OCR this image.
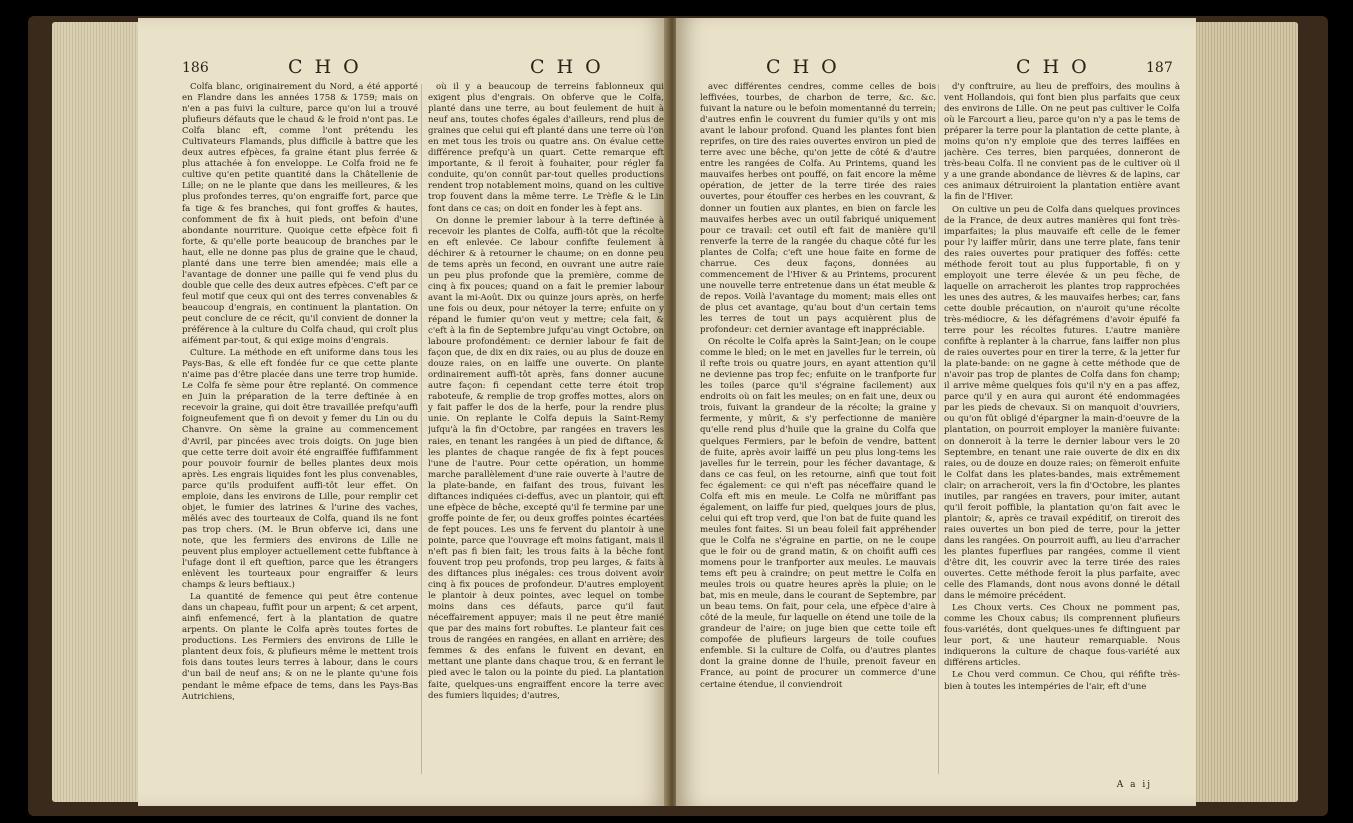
186	C H O	C H O

Colfa blanc, originairement du Nord, a été apporté en Flandre dans les années 1758 & 1759; mais on n'en a pas fuivi la culture, parce qu'on lui a trouvé plufieurs défauts que le chaud & le froid n'ont pas. Le Colfa blanc eft, comme l'ont prétendu les Cultivateurs Flamands, plus difficile à battre que les deux autres efpèces, fa graine étant plus ferrée & plus attachée à fon enveloppe. Le Colfa froid ne fe cultive qu'en petite quantité dans la Châtellenie de Lille; on ne le plante que dans les meilleures, & les plus profondes terres, qu'on engraiffe fort, parce que fa tige & fes branches, qui font groffes & hautes, confomment de fix à huit pieds, ont befoin d'une abondante nourriture. Quoique cette efpèce foit fi forte, & qu'elle porte beaucoup de branches par le haut, elle ne donne pas plus de graine que le chaud, planté dans une terre bien amendée; mais elle a l'avantage de donner une paille qui fe vend plus du double que celle des deux autres efpèces. C'eft par ce feul motif que ceux qui ont des terres convenables & beaucoup d'engrais, en continuent la plantation. On peut conclure de ce récit, qu'il convient de donner la préférence à la culture du Colfa chaud, qui croît plus aifément par-tout, & qui exige moins d'engrais.

Culture. La méthode en eft uniforme dans tous les Pays-Bas, & elle eft fondée fur ce que cette plante n'aime pas d'être placée dans une terre trop humide. Le Colfa fe sème pour être replanté. On commence en Juin la préparation de la terre deftinée à en recevoir la graine, qui doit être travaillée prefqu'auffi foigneufement que fi on devoit y femer du Lin ou du Chanvre. On sème la graine au commencement d'Avril, par pincées avec trois doigts. On juge bien que cette terre doit avoir été engraiffée fuffifamment pour pouvoir fournir de belles plantes deux mois après. Les engrais liquides font les plus convenables, parce qu'ils produifent auffi-tôt leur effet. On emploie, dans les environs de Lille, pour remplir cet objet, le fumier des latrines & l'urine des vaches, mêlés avec des tourteaux de Colfa, quand ils ne font pas trop chers. (M. le Brun obferve ici, dans une note, que les fermiers des environs de Lille ne peuvent plus employer actuellement cette fubftance à l'ufage dont il eft queftion, parce que les étrangers enlèvent les tourteaux pour engraiffer & leurs champs & leurs beftiaux.)

La quantité de femence qui peut être contenue dans un chapeau, fuffit pour un arpent; & cet arpent, ainfi enfemencé, fert à la plantation de quatre arpents. On plante le Colfa après toutes fortes de productions. Les Fermiers des environs de Lille le plantent deux fois, & plufieurs même le mettent trois fois dans toutes leurs terres à labour, dans le cours d'un bail de neuf ans; & on ne le plante qu'une fois pendant le même efpace de tems, dans les Pays-Bas Autrichiens,

où il y a beaucoup de terreins fablonneux qui exigent plus d'engrais. On obferve que le Colfa, planté dans une terre, au bout feulement de huit à neuf ans, toutes chofes égales d'ailleurs, rend plus de graines que celui qui eft planté dans une terre où l'on en met tous les trois ou quatre ans. On évalue cette différence prefqu'à un quart. Cette remarque eft importante, & il feroit à fouhaiter, pour régler fa conduite, qu'on connût par-tout quelles productions rendent trop notablement moins, quand on les cultive trop fouvent dans la même terre. Le Trèfle & le Lin font dans ce cas; on doit en fonder les à fept ans.

On donne le premier labour à la terre deftinée à recevoir les plantes de Colfa, auffi-tôt que la récolte en eft enlevée. Ce labour confifte feulement à déchirer & à retourner le chaume; on en donne peu de tems après un fecond, en ouvrant une autre raie un peu plus profonde que la première, comme de cinq à fix pouces; quand on a fait le premier labour avant la mi-Août. Dix ou quinze jours après, on herfe une fois ou deux, pour nétoyer la terre; enfuite on y répand le fumier qu'on veut y mettre; cela fait, & c'eft à la fin de Septembre jufqu'au vingt Octobre, on laboure profondément: ce dernier labour fe fait de façon que, de dix en dix raies, ou au plus de douze en douze raies, on en laiffe une ouverte. On plante ordinairement auffi-tôt après, fans donner aucune autre façon: fi cependant cette terre étoit trop raboteufe, & remplie de trop groffes mottes, alors on y fait paffer le dos de la herfe, pour la rendre plus unie. On replante le Colfa depuis la Saint-Remy jufqu'à la fin d'Octobre, par rangées en travers les raies, en tenant les rangées à un pied de diftance, & les plantes de chaque rangée de fix à fept pouces l'une de l'autre. Pour cette opération, un homme marche parallèlement d'une raie ouverte à l'autre de la plate-bande, en faifant des trous, fuivant les diftances indiquées ci-deffus, avec un plantoir, qui eft une efpèce de bêche, excepté qu'il fe termine par une groffe pointe de fer, ou deux groffes pointes écartées de fept pouces. Les uns fe fervent du plantoir à une pointe, parce que l'ouvrage eft moins fatigant, mais il n'eft pas fi bien fait; les trous faits à la bêche font fouvent trop peu profonds, trop peu larges, & faits à des diftances plus inégales: ces trous doivent avoir cinq à fix pouces de profondeur. D'autres employent le plantoir à deux pointes, avec lequel on tombe moins dans ces défauts, parce qu'il faut néceffairement appuyer; mais il ne peut être manié que par des mains fort robuftes. Le planteur fait ces trous de rangées en rangées, en allant en arrière; des femmes & des enfans le fuivent en devant, en mettant une plante dans chaque trou, & en ferrant le pied avec le talon ou la pointe du pied. La plantation faite, quelques-uns engraiffent encore la terre avec des fumiers liquides; d'autres,

C H O	C H O	187

avec différentes cendres, comme celles de bois leffivées, tourbes, de charbon de terre, &c. &c. fuivant la nature ou le befoin momentanné du terrein; d'autres enfin le couvrent du fumier qu'ils y ont mis avant le labour profond. Quand les plantes font bien reprifes, on tire des raies ouvertes environ un pied de terre avec une bêche, qu'on jette de côté & d'autre entre les rangées de Colfa. Au Printems, quand les mauvaifes herbes ont pouffé, on fait encore la même opération, de jetter de la terre tirée des raies ouvertes, pour étouffer ces herbes en les couvrant, & donner un foutien aux plantes, en bien on farcle les mauvaifes herbes avec un outil fabriqué uniquement pour ce travail: cet outil eft fait de manière qu'il renverfe la terre de la rangée du chaque côté fur les plantes de Colfa; c'eft une houe faite en forme de charrue. Ces deux façons, données au commencement de l'Hiver & au Printems, procurent une nouvelle terre entretenue dans un état meuble & de repos. Voilà l'avantage du moment; mais elles ont de plus cet avantage, qu'au bout d'un certain tems les terres de tout un pays acquièrent plus de profondeur: cet dernier avantage eft inappréciable.

On récolte le Colfa après la Saint-Jean; on le coupe comme le bled; on le met en javelles fur le terrein, où il refte trois ou quatre jours, en ayant attention qu'il ne devienne pas trop fec; enfuite on le tranfporte fur les toiles (parce qu'il s'égraine facilement) aux endroits où on fait les meules; on en fait une, deux ou trois, fuivant la grandeur de la récolte; la graine y fermente, y mûrit, & s'y perfectionne de manière qu'elle rend plus d'huile que la graine du Colfa que quelques Fermiers, par le befoin de vendre, battent de fuite, après avoir laiffé un peu plus long-tems les javelles fur le terrein, pour les fécher davantage, & dans ce cas feul, on les retourne, ainfi que tout foit fec également: ce qui n'eft pas néceffaire quand le Colfa eft mis en meule. Le Colfa ne mûriffant pas également, on laiffe fur pied, quelques jours de plus, celui qui eft trop verd, que l'on bat de fuite quand les meules font faites. Si un beau foleil fait appréhender que le Colfa ne s'égraine en partie, on ne le coupe que le foir ou de grand matin, & on choifit auffi ces momens pour le tranfporter aux meules. Le mauvais tems eft peu à craindre; on peut mettre le Colfa en meules trois ou quatre heures après la pluie; on le bat, mis en meule, dans le courant de Septembre, par un beau tems. On fait, pour cela, une efpèce d'aire à côté de la meule, fur laquelle on étend une toile de la grandeur de l'aire; on juge bien que cette toile eft compofée de plufieurs largeurs de toile coufues enfemble. Si la culture de Colfa, ou d'autres plantes dont la graine donne de l'huile, prenoit faveur en France, au point de procurer un commerce d'une certaine étendue, il conviendroit

d'y conftruire, au lieu de preffoirs, des moulins à vent Hollandois, qui font bien plus parfaits que ceux des environs de Lille. On ne peut pas cultiver le Colfa où le Farcourt a lieu, parce qu'on n'y a pas le tems de préparer la terre pour la plantation de cette plante, à moins qu'on n'y emploie que des terres laiffées en jachère. Ces terres, bien parquées, donneront de très-beau Colfa. Il ne convient pas de le cultiver où il y a une grande abondance de lièvres & de lapins, car ces animaux détruiroient la plantation entière avant la fin de l'Hiver.

On cultive un peu de Colfa dans quelques provinces de la France, de deux autres manières qui font très-imparfaites; la plus mauvaife eft celle de le femer pour l'y laiffer mûrir, dans une terre plate, fans tenir des raies ouvertes pour pratiquer des foffés: cette méthode feroit tout au plus fupportable, fi on y employoit une terre élevée & un peu fèche, de laquelle on arracheroit les plantes trop rapprochées les unes des autres, & les mauvaifes herbes; car, fans cette double précaution, on n'auroit qu'une récolte très-médiocre, & les défagrémens d'avoir épuifé fa terre pour les récoltes futures. L'autre manière confifte à replanter à la charrue, fans laiffer non plus de raies ouvertes pour en tirer la terre, & la jetter fur la plate-bande: on ne gagne à cette méthode que de n'avoir pas trop de plantes de Colfa dans fon champ; il arrive même quelques fois qu'il n'y en a pas affez, parce qu'il y en aura qui auront été endommagées par les pieds de chevaux. Si on manquoit d'ouvriers, ou qu'on fût obligé d'épargner la main-d'oeuvre de la plantation, on pourroit employer la manière fuivante: on donneroit à la terre le dernier labour vers le 20 Septembre, en tenant une raie ouverte de dix en dix raies, ou de douze en douze raies; on fèmeroit enfuite le Colfat dans les plates-bandes, mais extrêmement clair; on arracheroit, vers la fin d'Octobre, les plantes inutiles, par rangées en travers, pour imiter, autant qu'il feroit poffible, la plantation qu'on fait avec le plantoir; &, après ce travail expéditif, on tireroit des raies ouvertes un bon pied de terre, pour la jetter dans les rangées. On pourroit auffi, au lieu d'arracher les plantes fuperflues par rangées, comme il vient d'être dit, les couvrir avec la terre tirée des raies ouvertes. Cette méthode feroit la plus parfaite, avec celle des Flamands, dont nous avons donné le détail dans le mémoire précédent.

Les Choux verts. Ces Choux ne pomment pas, comme les Choux cabus; ils comprennent plufieurs fous-variétés, dont quelques-unes fe diftinguent par leur port, & une hauteur remarquable. Nous indiquerons la culture de chaque fous-variété aux différens articles.

Le Chou verd commun. Ce Chou, qui réfifte très-bien à toutes les intempéries de l'air, eft d'une

A a ij
